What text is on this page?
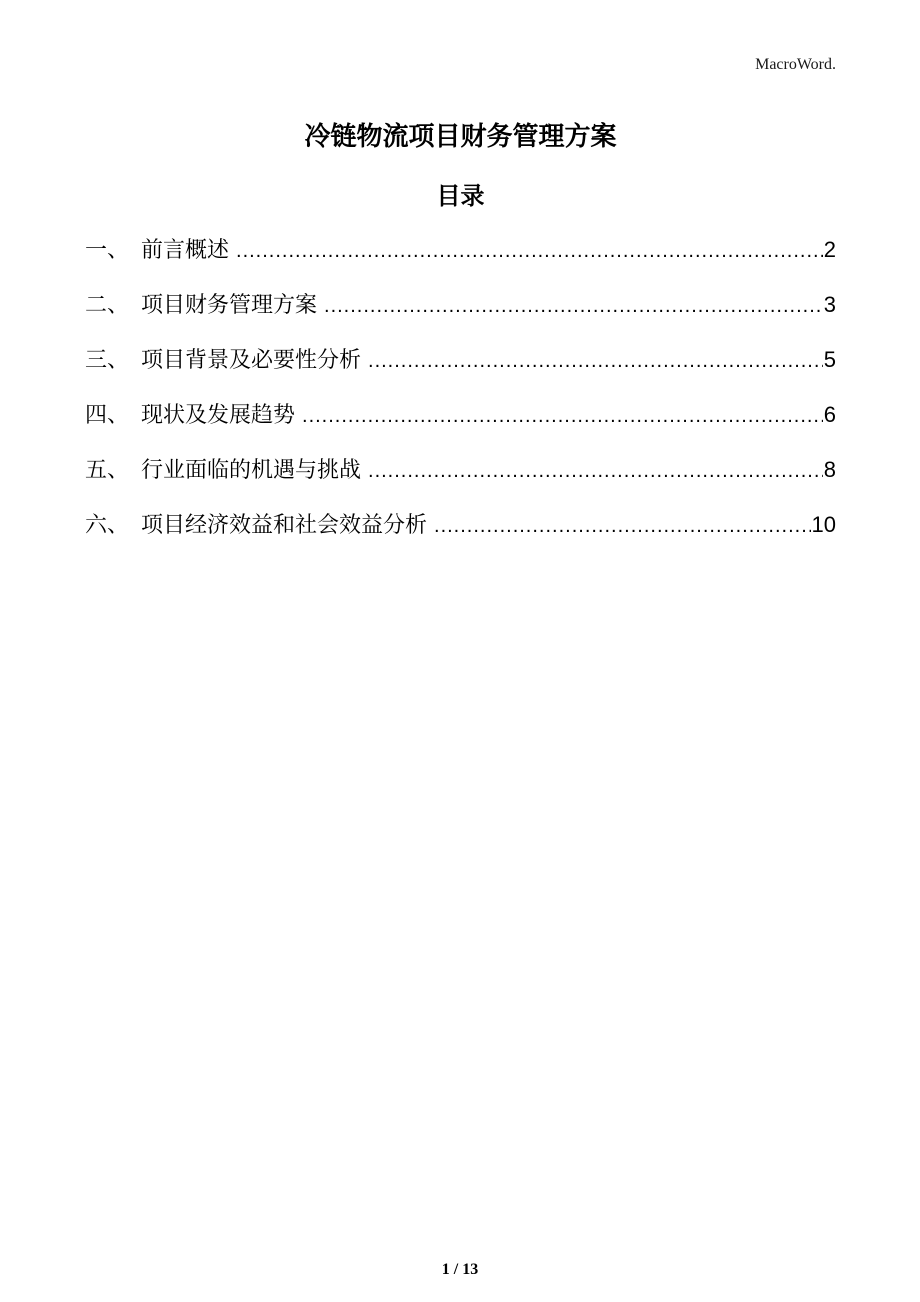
MacroWord.
冷链物流项目财务管理方案
目录
一、 前言概述 .....	2
二、 项目财务管理方案 .....	3
三、 项目背景及必要性分析 .....	5
四、 现状及发展趋势 .....	6
五、 行业面临的机遇与挑战 .....	8
六、 项目经济效益和社会效益分析 .....	10
1 / 13
